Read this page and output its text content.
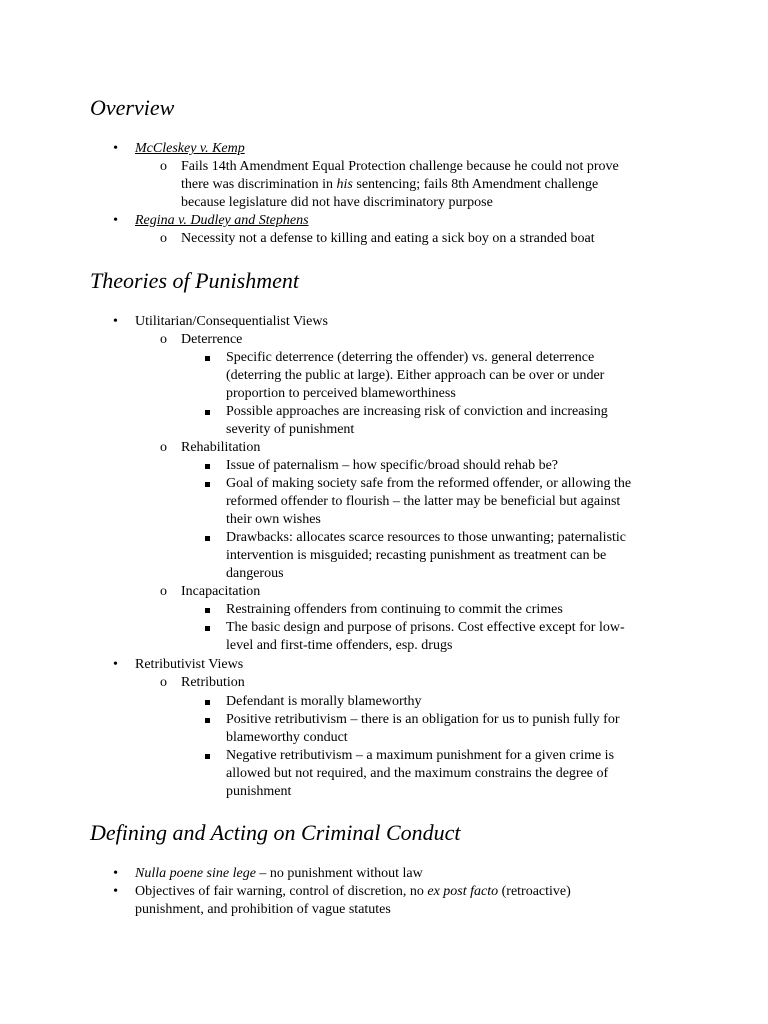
Overview
• McCleskey v. Kemp

o Fails 14th Amendment Equal Protection challenge because he could not prove

there was discrimination in his sentencing; fails 8th Amendment challenge

because legislature did not have discriminatory purpose

• Regina v. Dudley and Stephens

o Necessity not a defense to killing and eating a sick boy on a stranded boat

Theories of Punishment
• Utilitarian/Consequentialist Views

o Deterrence

Specific deterrence (deterring the offender) vs. general deterrence

(deterring the public at large). Either approach can be over or under

proportion to perceived blameworthiness

Possible approaches are increasing risk of conviction and increasing

severity of punishment

o Rehabilitation

Issue of paternalism – how specific/broad should rehab be?

Goal of making society safe from the reformed offender, or allowing the

reformed offender to flourish – the latter may be beneficial but against

their own wishes

Drawbacks: allocates scarce resources to those unwanting; paternalistic

intervention is misguided; recasting punishment as treatment can be

dangerous

o Incapacitation

Restraining offenders from continuing to commit the crimes

The basic design and purpose of prisons. Cost effective except for low-

level and first-time offenders, esp. drugs

• Retributivist Views

o Retribution

Defendant is morally blameworthy

Positive retributivism – there is an obligation for us to punish fully for

blameworthy conduct

Negative retributivism – a maximum punishment for a given crime is

allowed but not required, and the maximum constrains the degree of

punishment

Defining and Acting on Criminal Conduct
• Nulla poene sine lege – no punishment without law

• Objectives of fair warning, control of discretion, no ex post facto (retroactive)

punishment, and prohibition of vague statutes
